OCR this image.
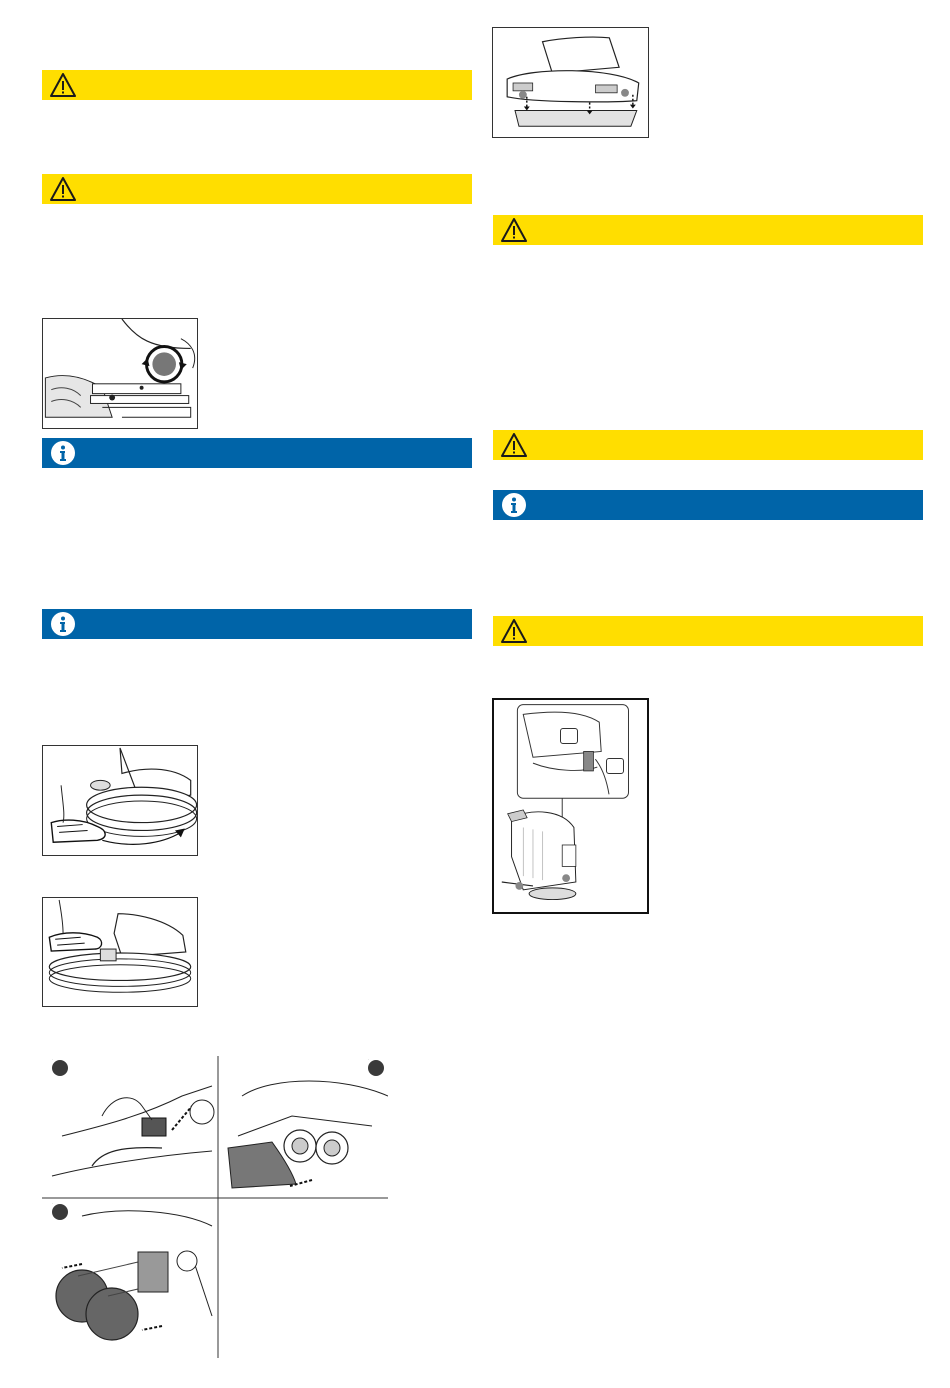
1	2
3
